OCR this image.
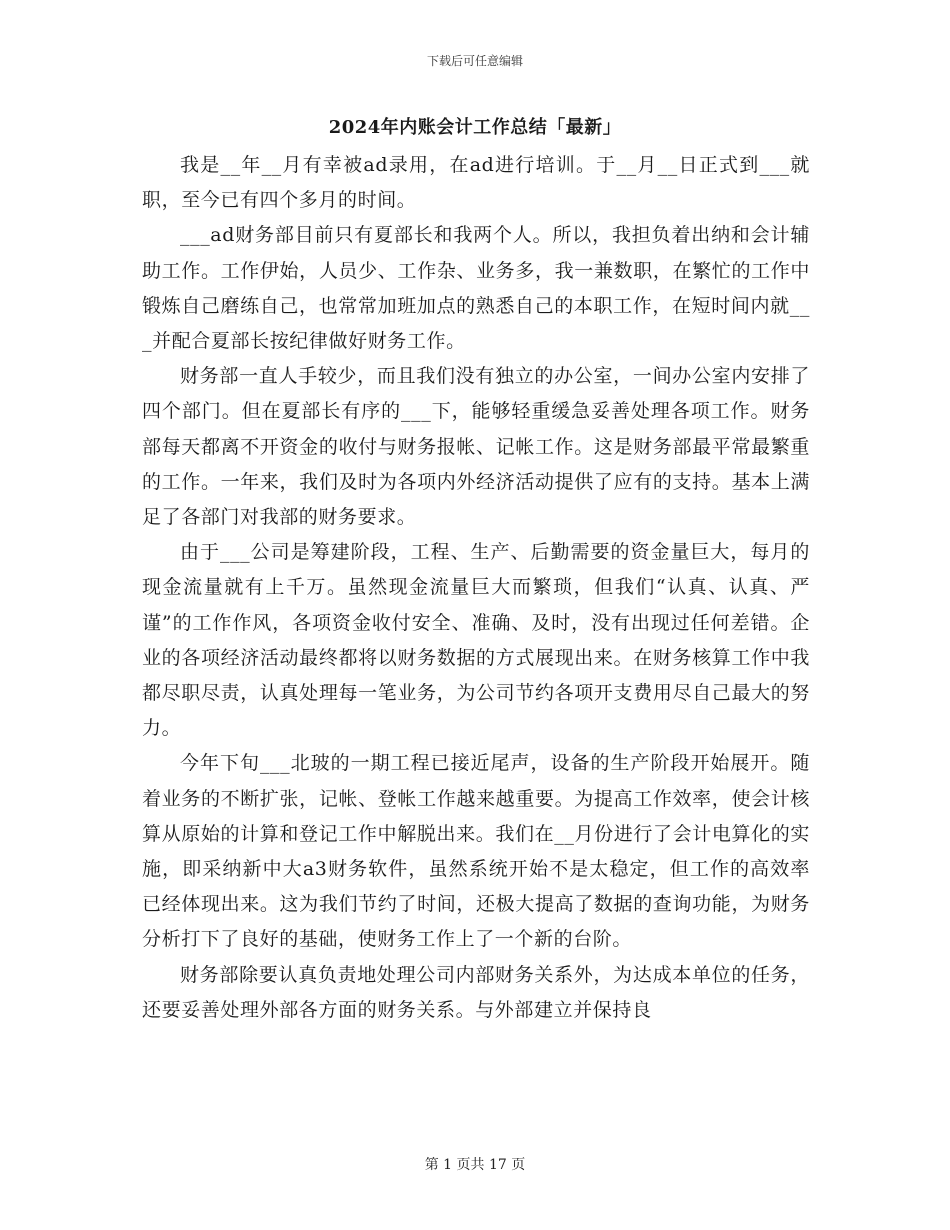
下载后可任意编辑
2024年内账会计工作总结「最新」

我是__年__月有幸被ad录用，在ad进行培训。于__月__日正式到___就职，至今已有四个多月的时间。

___ad财务部目前只有夏部长和我两个人。所以，我担负着出纳和会计辅助工作。工作伊始，人员少、工作杂、业务多，我一兼数职，在繁忙的工作中锻炼自己磨练自己，也常常加班加点的熟悉自己的本职工作，在短时间内就___并配合夏部长按纪律做好财务工作。

财务部一直人手较少，而且我们没有独立的办公室，一间办公室内安排了四个部门。但在夏部长有序的___下，能够轻重缓急妥善处理各项工作。财务部每天都离不开资金的收付与财务报帐、记帐工作。这是财务部最平常最繁重的工作。一年来，我们及时为各项内外经济活动提供了应有的支持。基本上满足了各部门对我部的财务要求。

由于___公司是筹建阶段，工程、生产、后勤需要的资金量巨大，每月的现金流量就有上千万。虽然现金流量巨大而繁琐，但我们“认真、认真、严谨”的工作作风，各项资金收付安全、准确、及时，没有出现过任何差错。企业的各项经济活动最终都将以财务数据的方式展现出来。在财务核算工作中我都尽职尽责，认真处理每一笔业务，为公司节约各项开支费用尽自己最大的努力。

今年下旬___北玻的一期工程已接近尾声，设备的生产阶段开始展开。随着业务的不断扩张，记帐、登帐工作越来越重要。为提高工作效率，使会计核算从原始的计算和登记工作中解脱出来。我们在__月份进行了会计电算化的实施，即采纳新中大a3财务软件，虽然系统开始不是太稳定，但工作的高效率已经体现出来。这为我们节约了时间，还极大提高了数据的查询功能，为财务分析打下了良好的基础，使财务工作上了一个新的台阶。

财务部除要认真负责地处理公司内部财务关系外，为达成本单位的任务，还要妥善处理外部各方面的财务关系。与外部建立并保持良

第 1 页共 17 页
